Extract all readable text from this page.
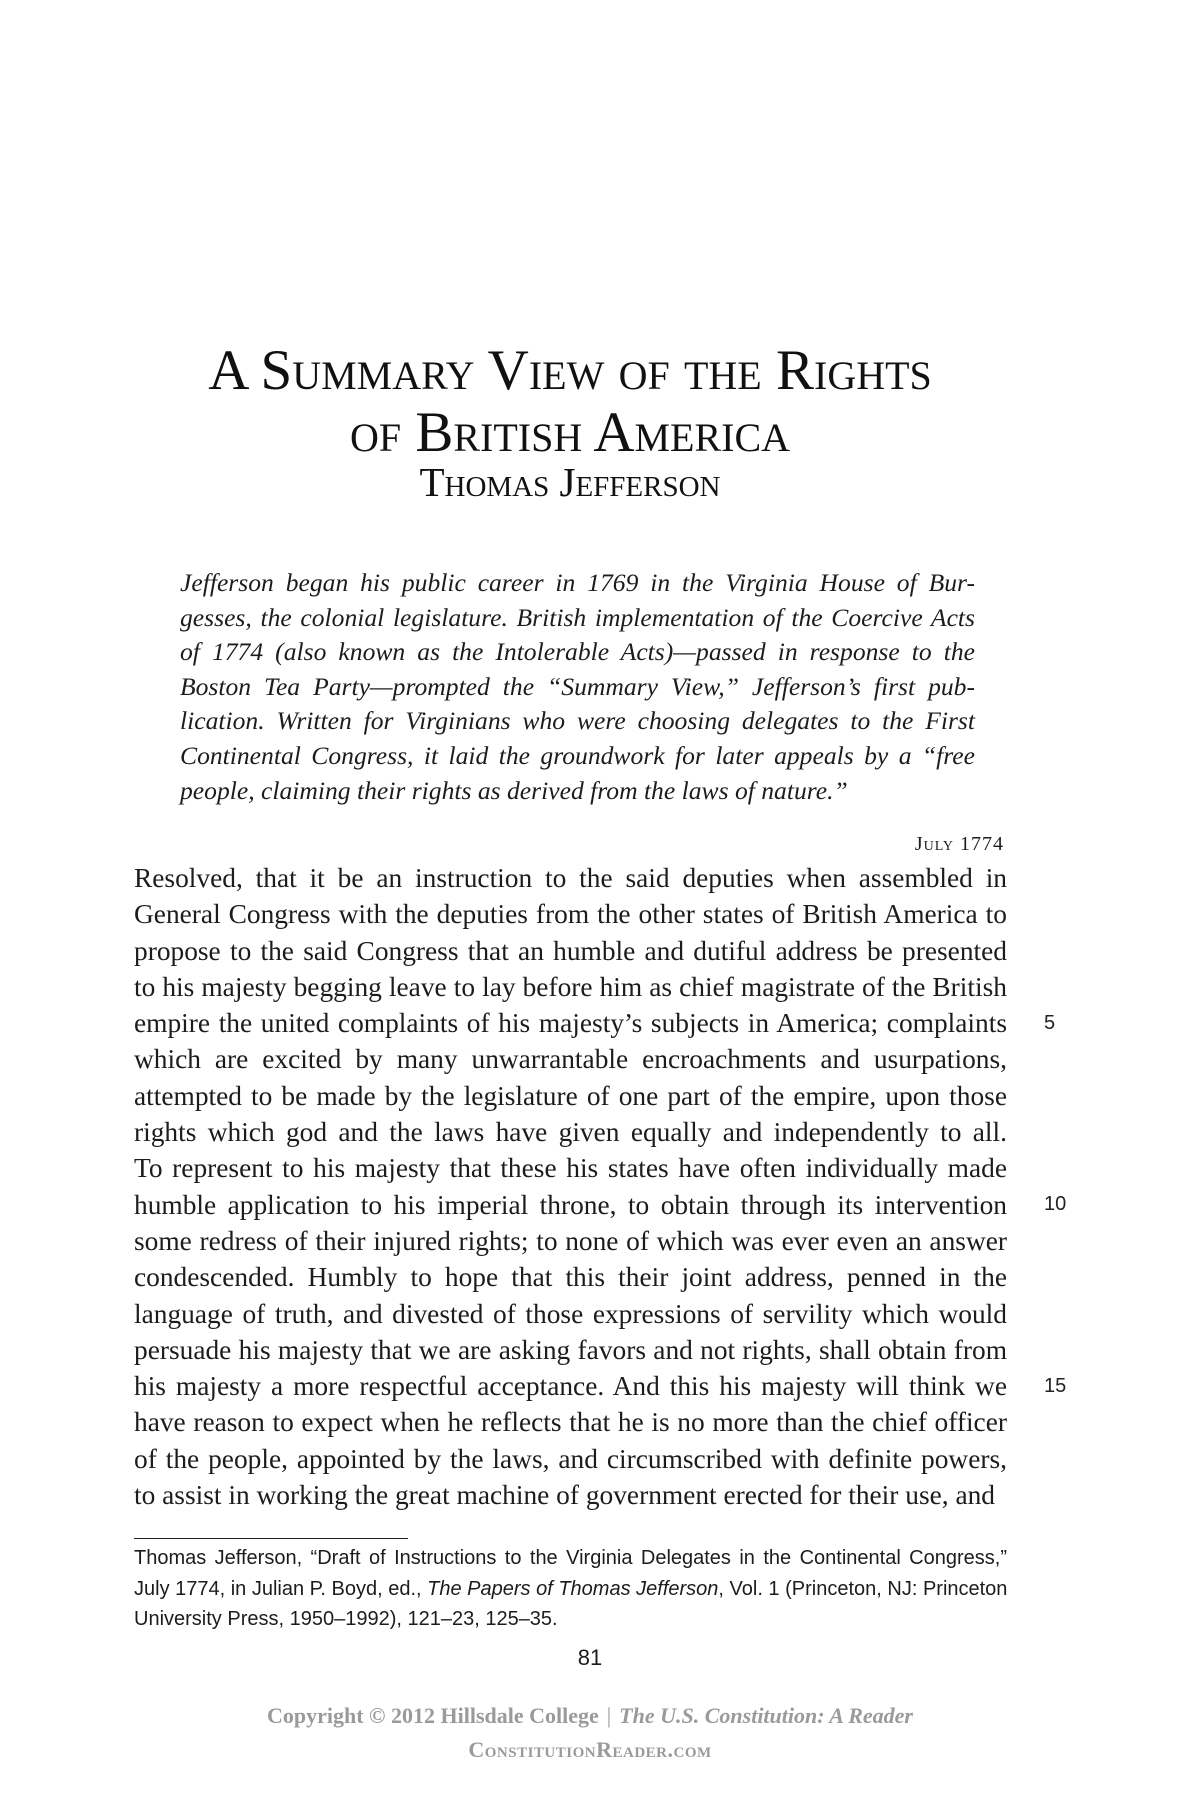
A Summary View of the Rights
of British America
Thomas Jefferson
Jefferson began his public career in 1769 in the Virginia House of Bur-
gesses, the colonial legislature. British implementation of the Coercive Acts
of 1774 (also known as the Intolerable Acts)—passed in response to the
Boston Tea Party—prompted the “Summary View,” Jefferson’s first pub-
lication. Written for Virginians who were choosing delegates to the First
Continental Congress, it laid the groundwork for later appeals by a “free
people, claiming their rights as derived from the laws of nature.”
July 1774
Resolved, that it be an instruction to the said deputies when assembled in
General Congress with the deputies from the other states of British America to
propose to the said Congress that an humble and dutiful address be presented
to his majesty begging leave to lay before him as chief magistrate of the British
empire the united complaints of his majesty’s subjects in America; complaints
which are excited by many unwarrantable encroachments and usurpations,
attempted to be made by the legislature of one part of the empire, upon those
rights which god and the laws have given equally and independently to all.
To represent to his majesty that these his states have often individually made
humble application to his imperial throne, to obtain through its intervention
some redress of their injured rights; to none of which was ever even an answer
condescended. Humbly to hope that this their joint address, penned in the
language of truth, and divested of those expressions of servility which would
persuade his majesty that we are asking favors and not rights, shall obtain from
his majesty a more respectful acceptance. And this his majesty will think we
have reason to expect when he reflects that he is no more than the chief officer
of the people, appointed by the laws, and circumscribed with definite powers,
to assist in working the great machine of government erected for their use, and
5
10
15
Thomas Jefferson, “Draft of Instructions to the Virginia Delegates in the Continental Congress,”
July 1774, in Julian P. Boyd, ed., The Papers of Thomas Jefferson, Vol. 1 (Princeton, NJ: Princeton
University Press, 1950–1992), 121–23, 125–35.
81
Copyright © 2012 Hillsdale College | The U.S. Constitution: A Reader
ConstitutionReader.com
